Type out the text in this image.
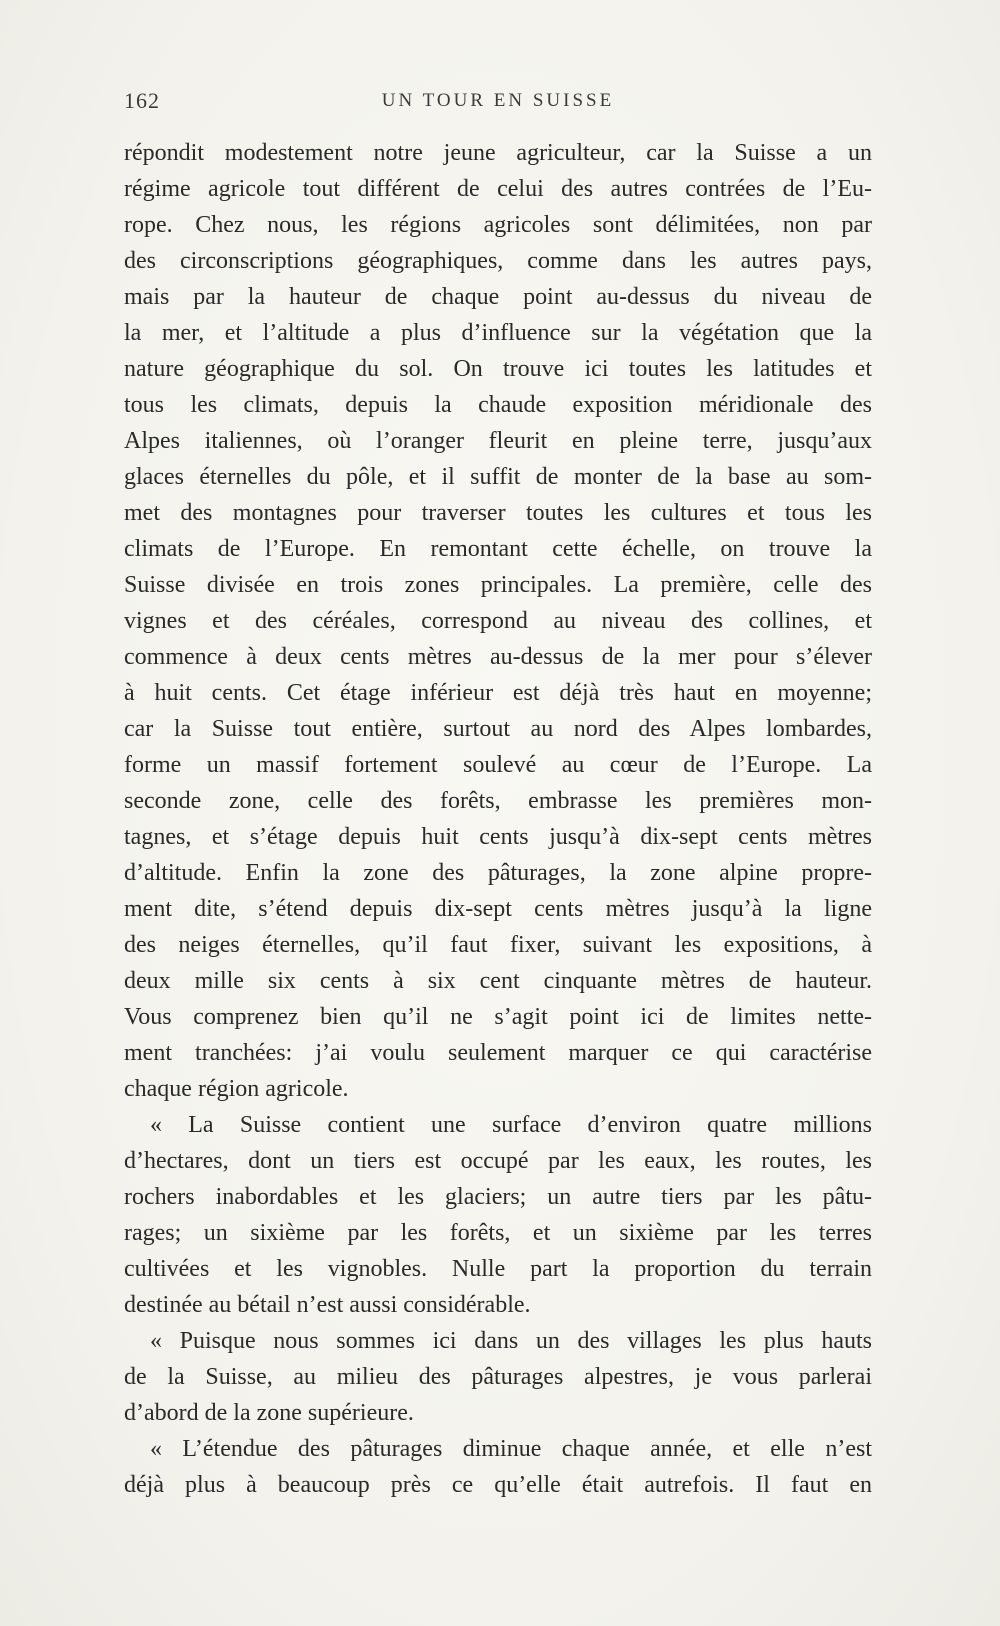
162	UN TOUR EN SUISSE
répondit modestement notre jeune agriculteur, car la Suisse a un
régime agricole tout différent de celui des autres contrées de l’Eu-
rope. Chez nous, les régions agricoles sont délimitées, non par
des circonscriptions géographiques, comme dans les autres pays,
mais par la hauteur de chaque point au-dessus du niveau de
la mer, et l’altitude a plus d’influence sur la végétation que la
nature géographique du sol. On trouve ici toutes les latitudes et
tous les climats, depuis la chaude exposition méridionale des
Alpes italiennes, où l’oranger fleurit en pleine terre, jusqu’aux
glaces éternelles du pôle, et il suffit de monter de la base au som-
met des montagnes pour traverser toutes les cultures et tous les
climats de l’Europe. En remontant cette échelle, on trouve la
Suisse divisée en trois zones principales. La première, celle des
vignes et des céréales, correspond au niveau des collines, et
commence à deux cents mètres au-dessus de la mer pour s’élever
à huit cents. Cet étage inférieur est déjà très haut en moyenne;
car la Suisse tout entière, surtout au nord des Alpes lombardes,
forme un massif fortement soulevé au cœur de l’Europe. La
seconde zone, celle des forêts, embrasse les premières mon-
tagnes, et s’étage depuis huit cents jusqu’à dix-sept cents mètres
d’altitude. Enfin la zone des pâturages, la zone alpine propre-
ment dite, s’étend depuis dix-sept cents mètres jusqu’à la ligne
des neiges éternelles, qu’il faut fixer, suivant les expositions, à
deux mille six cents à six cent cinquante mètres de hauteur.
Vous comprenez bien qu’il ne s’agit point ici de limites nette-
ment tranchées: j’ai voulu seulement marquer ce qui caractérise
chaque région agricole.
« La Suisse contient une surface d’environ quatre millions
d’hectares, dont un tiers est occupé par les eaux, les routes, les
rochers inabordables et les glaciers; un autre tiers par les pâtu-
rages; un sixième par les forêts, et un sixième par les terres
cultivées et les vignobles. Nulle part la proportion du terrain
destinée au bétail n’est aussi considérable.
« Puisque nous sommes ici dans un des villages les plus hauts
de la Suisse, au milieu des pâturages alpestres, je vous parlerai
d’abord de la zone supérieure.
« L’étendue des pâturages diminue chaque année, et elle n’est
déjà plus à beaucoup près ce qu’elle était autrefois. Il faut en
